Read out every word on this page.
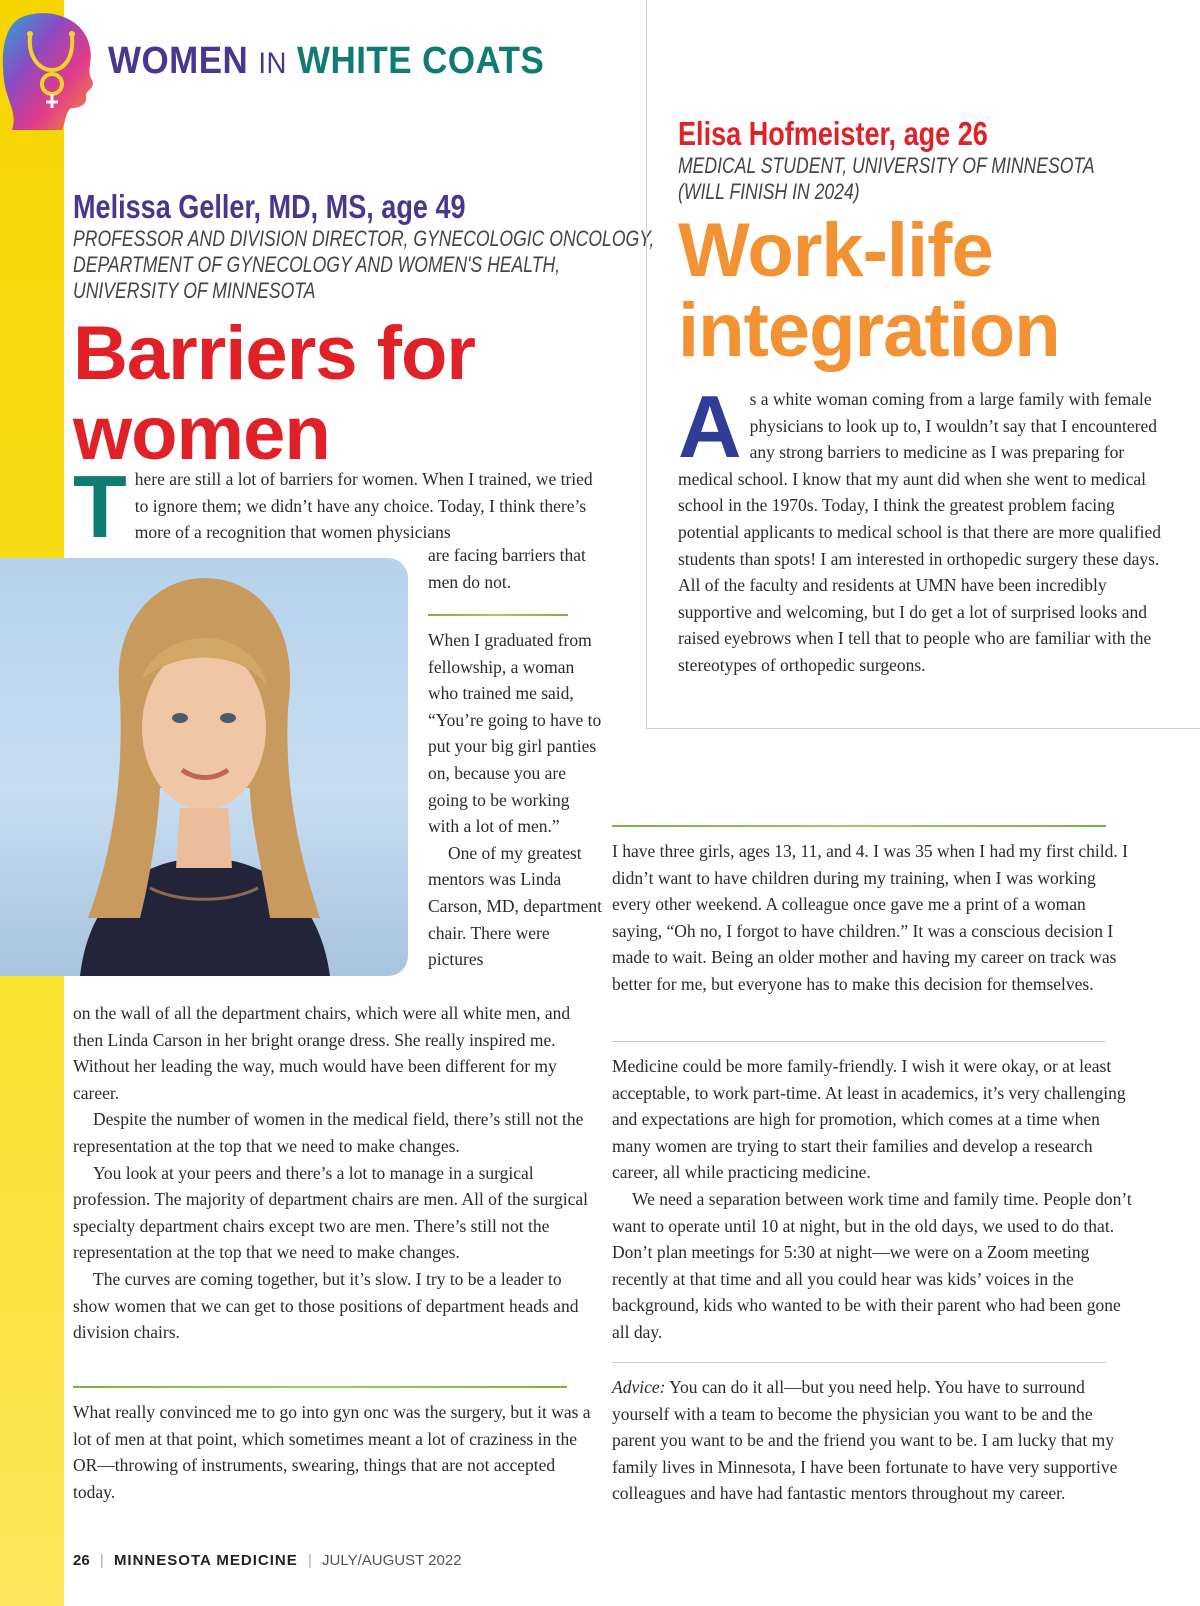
WOMEN IN WHITE COATS
Melissa Geller, MD, MS, age 49
PROFESSOR AND DIVISION DIRECTOR, GYNECOLOGIC ONCOLOGY,
DEPARTMENT OF GYNECOLOGY AND WOMEN'S HEALTH,
UNIVERSITY OF MINNESOTA
Barriers for
women
T here are still a lot of barriers for women. When I trained, we tried to ignore them; we didn’t have any choice. Today, I think there’s more of a recognition that women physicians
are facing barriers that men do not.

When I graduated from fellowship, a woman who trained me said, “You’re going to have to put your big girl panties on, because you are going to be working with a lot of men.”

One of my greatest mentors was Linda Carson, MD, department chair. There were pictures

on the wall of all the department chairs, which were all white men, and then Linda Carson in her bright orange dress. She really inspired me. Without her leading the way, much would have been different for my career.

Despite the number of women in the medical field, there’s still not the representation at the top that we need to make changes.

You look at your peers and there’s a lot to manage in a surgical profession. The majority of department chairs are men. All of the surgical specialty department chairs except two are men. There’s still not the representation at the top that we need to make changes.

The curves are coming together, but it’s slow. I try to be a leader to show women that we can get to those positions of department heads and division chairs.

What really convinced me to go into gyn onc was the surgery, but it was a lot of men at that point, which sometimes meant a lot of craziness in the OR—throwing of instruments, swearing, things that are not accepted today.
Elisa Hofmeister, age 26
MEDICAL STUDENT, UNIVERSITY OF MINNESOTA
(WILL FINISH IN 2024)
Work-life
integration
A s a white woman coming from a large family with female physicians to look up to, I wouldn’t say that I encountered any strong barriers to medicine as I was preparing for medical school. I know that my aunt did when she went to medical school in the 1970s. Today, I think the greatest problem facing potential applicants to medical school is that there are more qualified students than spots! I am interested in orthopedic surgery these days. All of the faculty and residents at UMN have been incredibly supportive and welcoming, but I do get a lot of surprised looks and raised eyebrows when I tell that to people who are familiar with the stereotypes of orthopedic surgeons.
I have three girls, ages 13, 11, and 4. I was 35 when I had my first child. I didn’t want to have children during my training, when I was working every other weekend. A colleague once gave me a print of a woman saying, “Oh no, I forgot to have children.” It was a conscious decision I made to wait. Being an older mother and having my career on track was better for me, but everyone has to make this decision for themselves.

Medicine could be more family-friendly. I wish it were okay, or at least acceptable, to work part-time. At least in academics, it’s very challenging and expectations are high for promotion, which comes at a time when many women are trying to start their families and develop a research career, all while practicing medicine.

We need a separation between work time and family time. People don’t want to operate until 10 at night, but in the old days, we used to do that. Don’t plan meetings for 5:30 at night—we were on a Zoom meeting recently at that time and all you could hear was kids’ voices in the background, kids who wanted to be with their parent who had been gone all day.

Advice: You can do it all—but you need help. You have to surround yourself with a team to become the physician you want to be and the parent you want to be and the friend you want to be. I am lucky that my family lives in Minnesota, I have been fortunate to have very supportive colleagues and have had fantastic mentors throughout my career.
26 | MINNESOTA MEDICINE | JULY/AUGUST 2022
